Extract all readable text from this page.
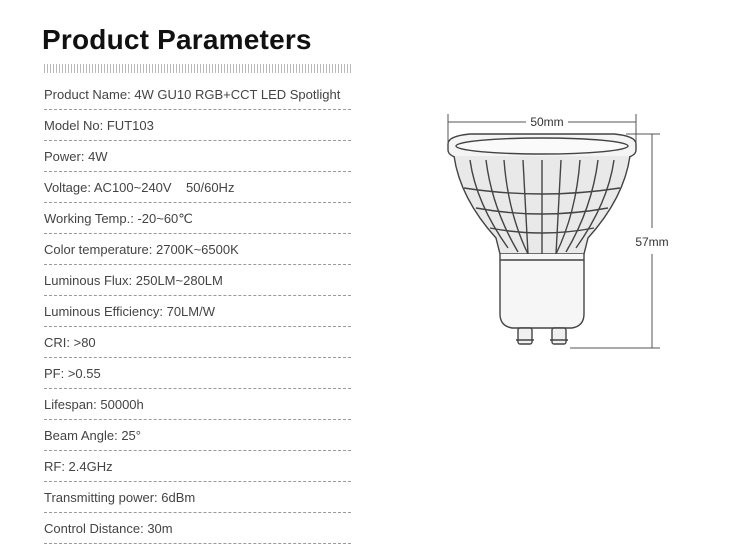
Product Parameters
Product Name: 4W GU10 RGB+CCT LED Spotlight
Model No: FUT103
Power: 4W
Voltage: AC100~240V    50/60Hz
Working Temp.: -20~60℃
Color temperature: 2700K~6500K
Luminous Flux: 250LM~280LM
Luminous Efficiency: 70LM/W
CRI: >80
PF: >0.55
Lifespan: 50000h
Beam Angle: 25°
RF: 2.4GHz
Transmitting power: 6dBm
Control Distance: 30m
50mm
57mm
